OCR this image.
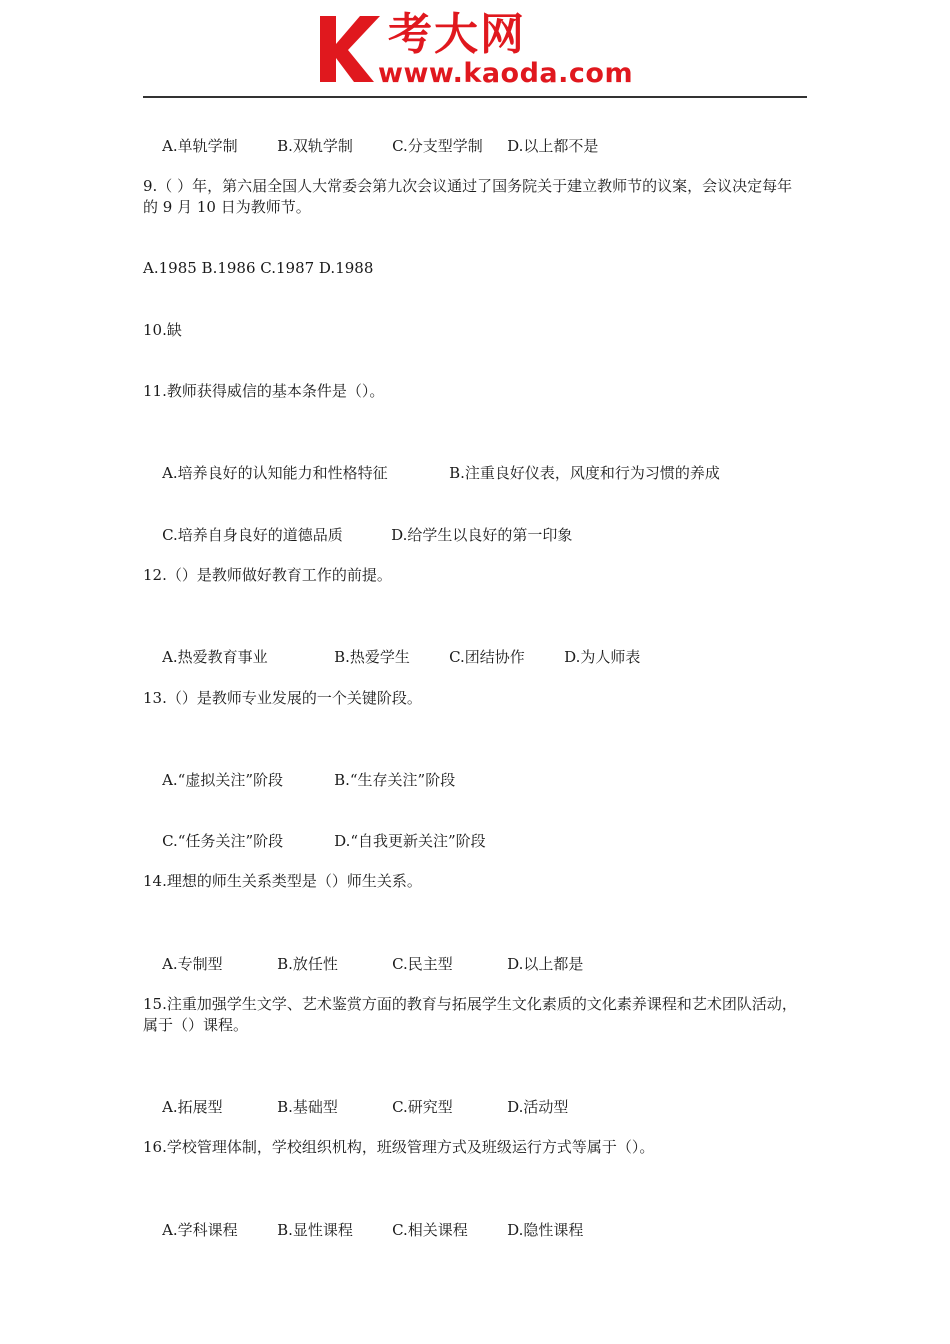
考大网
www.kaoda.com

A.单轨学制	B.双轨学制	C.分支型学制 D.以上都不是

9.（ ）年，第六届全国人大常委会第九次会议通过了国务院关于建立教师节的议案，会议决定每年的 9 月 10 日为教师节。
A.1985 B.1986 C.1987 D.1988
10.缺
11.教师获得威信的基本条件是（）。

A.培养良好的认知能力和性格特征	B.注重良好仪表，风度和行为习惯的养成

C.培养自身良好的道德品质	D.给学生以良好的第一印象

12.（）是教师做好教育工作的前提。

A.热爱教育事业	B.热爱学生	C.团结协作	D.为人师表

13.（）是教师专业发展的一个关键阶段。

A.“虚拟关注”阶段	B.“生存关注”阶段

C.“任务关注”阶段	D.“自我更新关注”阶段

14.理想的师生关系类型是（）师生关系。

A.专制型	B.放任性	C.民主型	D.以上都是

15.注重加强学生文学、艺术鉴赏方面的教育与拓展学生文化素质的文化素养课程和艺术团队活动，属于（）课程。

A.拓展型	B.基础型	C.研究型	D.活动型

16.学校管理体制，学校组织机构，班级管理方式及班级运行方式等属于（）。

A.学科课程	B.显性课程	C.相关课程	D.隐性课程
